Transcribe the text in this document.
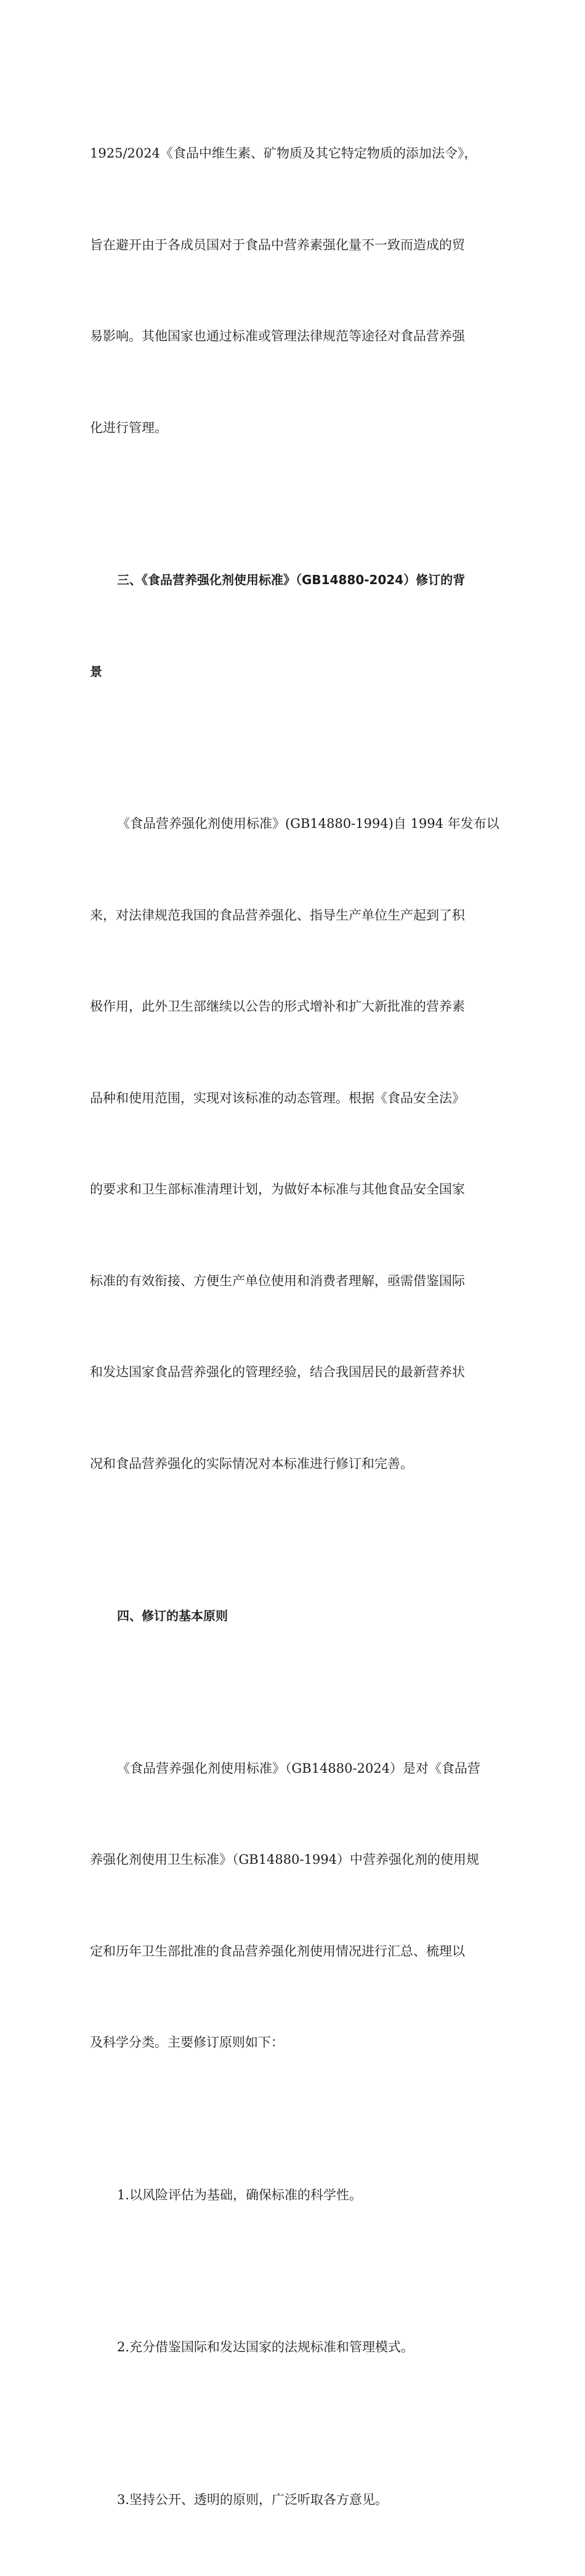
1925/2024《食品中维生素、矿物质及其它特定物质的添加法令》，

旨在避开由于各成员国对于食品中营养素强化量不一致而造成的贸

易影响。其他国家也通过标准或管理法律规范等途径对食品营养强

化进行管理。

三、《食品营养强化剂使用标准》（GB14880-2024）修订的背

景

《食品营养强化剂使用标准》(GB14880-1994)自 1994 年发布以

来，对法律规范我国的食品营养强化、指导生产单位生产起到了积

极作用，此外卫生部继续以公告的形式增补和扩大新批准的营养素

品种和使用范围，实现对该标准的动态管理。根据《食品安全法》

的要求和卫生部标准清理计划，为做好本标准与其他食品安全国家

标准的有效衔接、方便生产单位使用和消费者理解，亟需借鉴国际

和发达国家食品营养强化的管理经验，结合我国居民的最新营养状

况和食品营养强化的实际情况对本标准进行修订和完善。

四、修订的基本原则

《食品营养强化剂使用标准》（GB14880-2024）是对《食品营

养强化剂使用卫生标准》（GB14880-1994）中营养强化剂的使用规

定和历年卫生部批准的食品营养强化剂使用情况进行汇总、梳理以

及科学分类。主要修订原则如下：

1.以风险评估为基础，确保标准的科学性。

2.充分借鉴国际和发达国家的法规标准和管理模式。

3.坚持公开、透明的原则，广泛听取各方意见。
